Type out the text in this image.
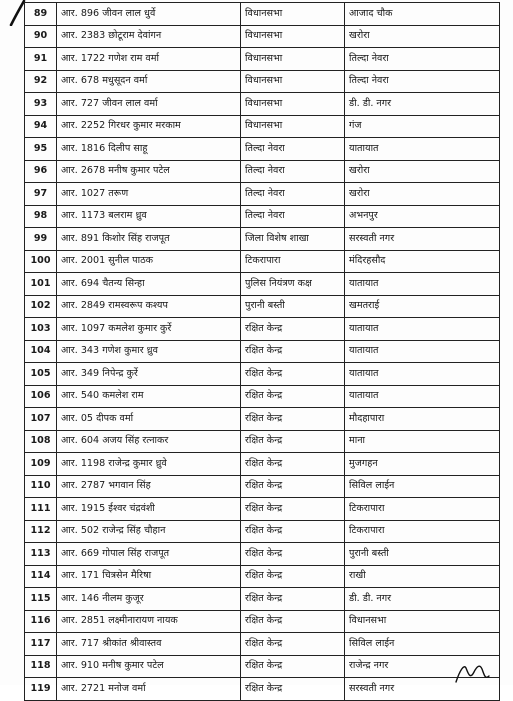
89	आर. 896 जीवन लाल धुर्वे	विधानसभा	आजाद चौक
90	आर. 2383 छोटूराम देवांगन	विधानसभा	खरोरा
91	आर. 1722 गणेश राम वर्मा	विधानसभा	तिल्दा नेवरा
92	आर. 678 मधुसूदन वर्मा	विधानसभा	तिल्दा नेवरा
93	आर. 727 जीवन लाल वर्मा	विधानसभा	डी. डी. नगर
94	आर. 2252 गिरधर कुमार मरकाम	विधानसभा	गंज
95	आर. 1816 दिलीप साहू	तिल्दा नेवरा	यातायात
96	आर. 2678 मनीष कुमार पटेल	तिल्दा नेवरा	खरोरा
97	आर. 1027 तरूण	तिल्दा नेवरा	खरोरा
98	आर. 1173 बलराम ध्रुव	तिल्दा नेवरा	अभनपुर
99	आर. 891 किशोर सिंह राजपूत	जिला विशेष शाखा	सरस्वती नगर
100	आर. 2001 सुनील पाठक	टिकरापारा	मंदिरहसौद
101	आर. 694 चैतन्य सिन्हा	पुलिस नियंत्रण कक्ष	यातायात
102	आर. 2849 रामस्वरूप कश्यप	पुरानी बस्ती	खमतराई
103	आर. 1097 कमलेश कुमार कुर्रे	रक्षित केन्द्र	यातायात
104	आर. 343 गणेश कुमार ध्रुव	रक्षित केन्द्र	यातायात
105	आर. 349 निपेन्द्र कुर्रे	रक्षित केन्द्र	यातायात
106	आर. 540 कमलेश राम	रक्षित केन्द्र	यातायात
107	आर. 05 दीपक वर्मा	रक्षित केन्द्र	मौदहापारा
108	आर. 604 अजय सिंह रत्नाकर	रक्षित केन्द्र	माना
109	आर. 1198 राजेन्द्र कुमार ध्रुवे	रक्षित केन्द्र	मुजगहन
110	आर. 2787 भगवान सिंह	रक्षित केन्द्र	सिविल लाईन
111	आर. 1915 ईश्वर चंद्रवंशी	रक्षित केन्द्र	टिकरापारा
112	आर. 502 राजेन्द्र सिंह चौहान	रक्षित केन्द्र	टिकरापारा
113	आर. 669 गोपाल सिंह राजपूत	रक्षित केन्द्र	पुरानी बस्ती
114	आर. 171 चित्रसेन मैरिषा	रक्षित केन्द्र	राखी
115	आर. 146 नीलम कुजूर	रक्षित केन्द्र	डी. डी. नगर
116	आर. 2851 लक्ष्मीनारायण नायक	रक्षित केन्द्र	विधानसभा
117	आर. 717 श्रीकांत श्रीवास्तव	रक्षित केन्द्र	सिविल लाईन
118	आर. 910 मनीष कुमार पटेल	रक्षित केन्द्र	राजेन्द्र नगर
119	आर. 2721 मनोज वर्मा	रक्षित केन्द्र	सरस्वती नगर
